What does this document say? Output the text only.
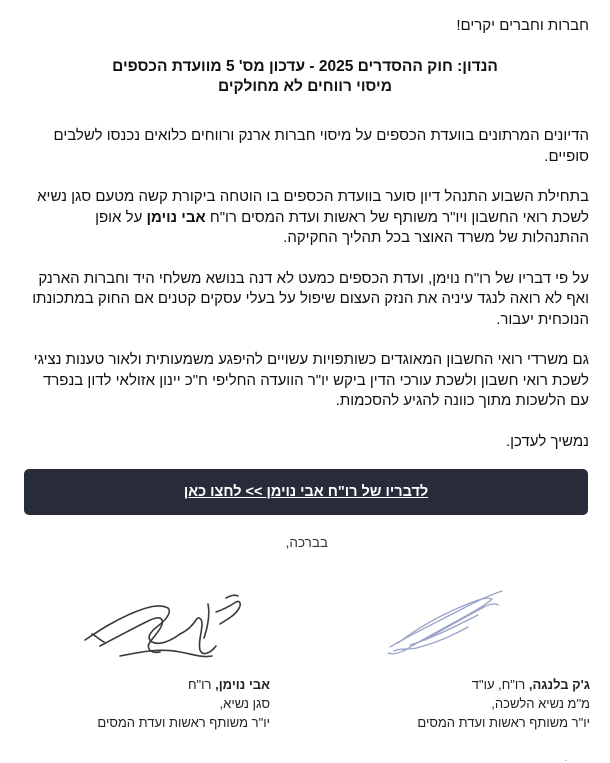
חברות וחברים יקרים!
הנדון: חוק ההסדרים 2025 - עדכון מס' 5 מוועדת הכספים
מיסוי רווחים לא מחולקים

הדיונים המרתונים בוועדת הכספים על מיסוי חברות ארנק ורווחים כלואים נכנסו לשלבים סופיים.

בתחילת השבוע התנהל דיון סוער בוועדת הכספים בו הוטחה ביקורת קשה מטעם סגן נשיא לשכת רואי החשבון ויו"ר משותף של ראשות ועדת המסים רו"ח אבי נוימן על אופן ההתנהלות של משרד האוצר בכל תהליך החקיקה.

על פי דבריו של רו"ח נוימן, ועדת הכספים כמעט לא דנה בנושא משלחי היד וחברות הארנק ואף לא רואה לנגד עיניה את הנזק העצום שיפול על בעלי עסקים קטנים אם החוק במתכונתו הנוכחית יעבור.

גם משרדי רואי החשבון המאוגדים כשותפויות עשויים להיפגע משמעותית ולאור טענות נציגי לשכת רואי חשבון ולשכת עורכי הדין ביקש יו"ר הוועדה החליפי ח"כ יינון אזולאי לדון בנפרד עם הלשכות מתוך כוונה להגיע להסכמות.

נמשיך לעדכן.

לדבריו של רו"ח אבי נוימן >> לחצו כאן
בברכה,
ג'ק בלנגה, רו"ח, עו"ד
מ"מ נשיא הלשכה,
יו"ר משותף ראשות ועדת המסים
אבי נוימן, רו"ח
סגן נשיא,
יו"ר משותף ראשות ועדת המסים
